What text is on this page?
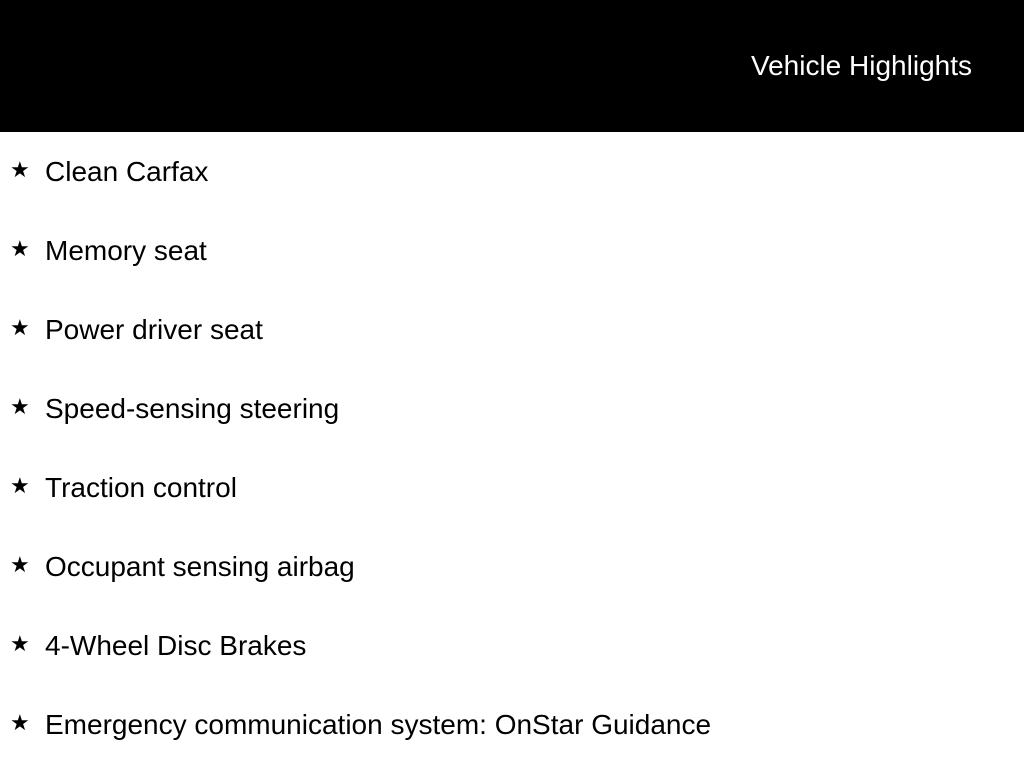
Vehicle Highlights
★ Clean Carfax
★ Memory seat
★ Power driver seat
★ Speed-sensing steering
★ Traction control
★ Occupant sensing airbag
★ 4-Wheel Disc Brakes
★ Emergency communication system: OnStar Guidance
